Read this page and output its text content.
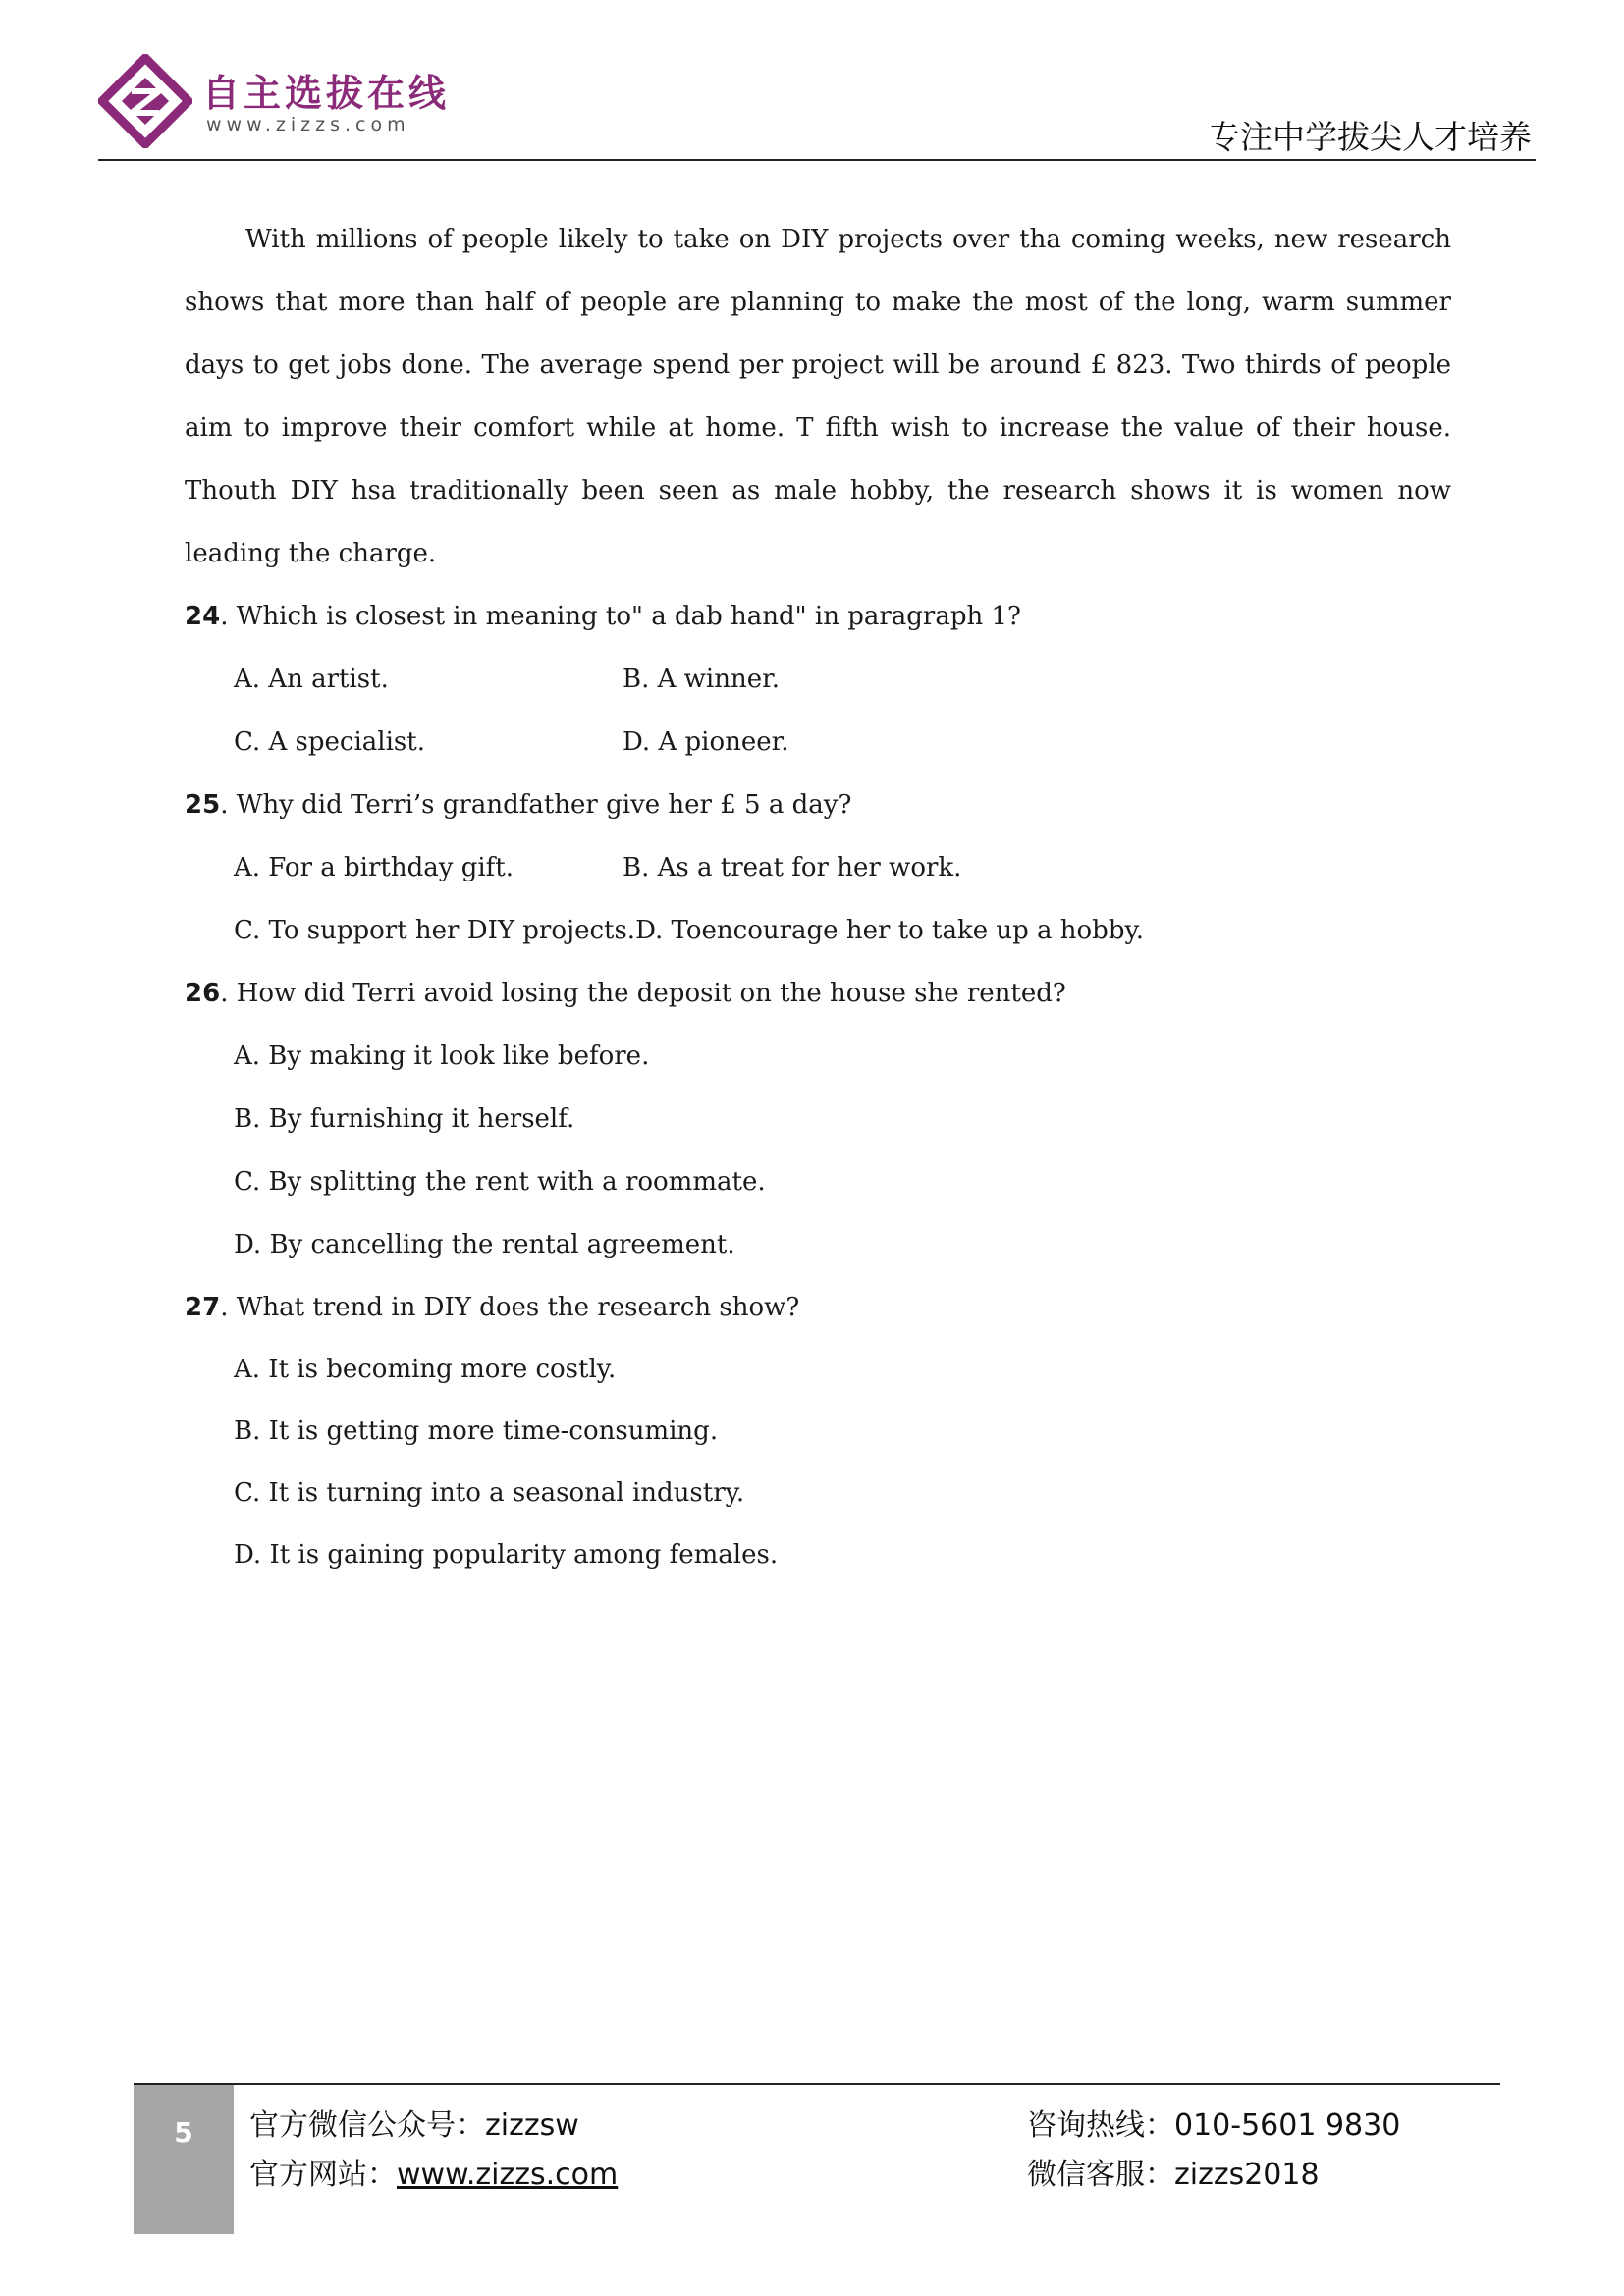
自主选拔在线
www.zizzs.com	专注中学拔尖人才培养

With millions of people likely to take on DIY projects over tha coming weeks, new research shows that more than half of people are planning to make the most of the long, warm summer days to get jobs done. The average spend per project will be around £ 823. Two thirds of people aim to improve their comfort while at home. T fifth wish to increase the value of their house. Thouth DIY hsa traditionally been seen as male hobby, the research shows it is women now leading the charge.

24. Which is closest in meaning to" a dab hand" in paragraph 1?
A. An artist.	B. A winner.
C. A specialist.	D. A pioneer.
25. Why did Terri’s grandfather give her £ 5 a day?
A. For a birthday gift.	B. As a treat for her work.
C. To support her DIY projects. D. Toencourage her to take up a hobby.
26. How did Terri avoid losing the deposit on the house she rented?
A. By making it look like before.
B. By furnishing it herself.
C. By splitting the rent with a roommate.
D. By cancelling the rental agreement.
27. What trend in DIY does the research show?
A. It is becoming more costly.
B. It is getting more time-consuming.
C. It is turning into a seasonal industry.
D. It is gaining popularity among females.
5	官方微信公众号：zizzsw
官方网站：www.zizzs.com
咨询热线：010-5601 9830
微信客服：zizzs2018
